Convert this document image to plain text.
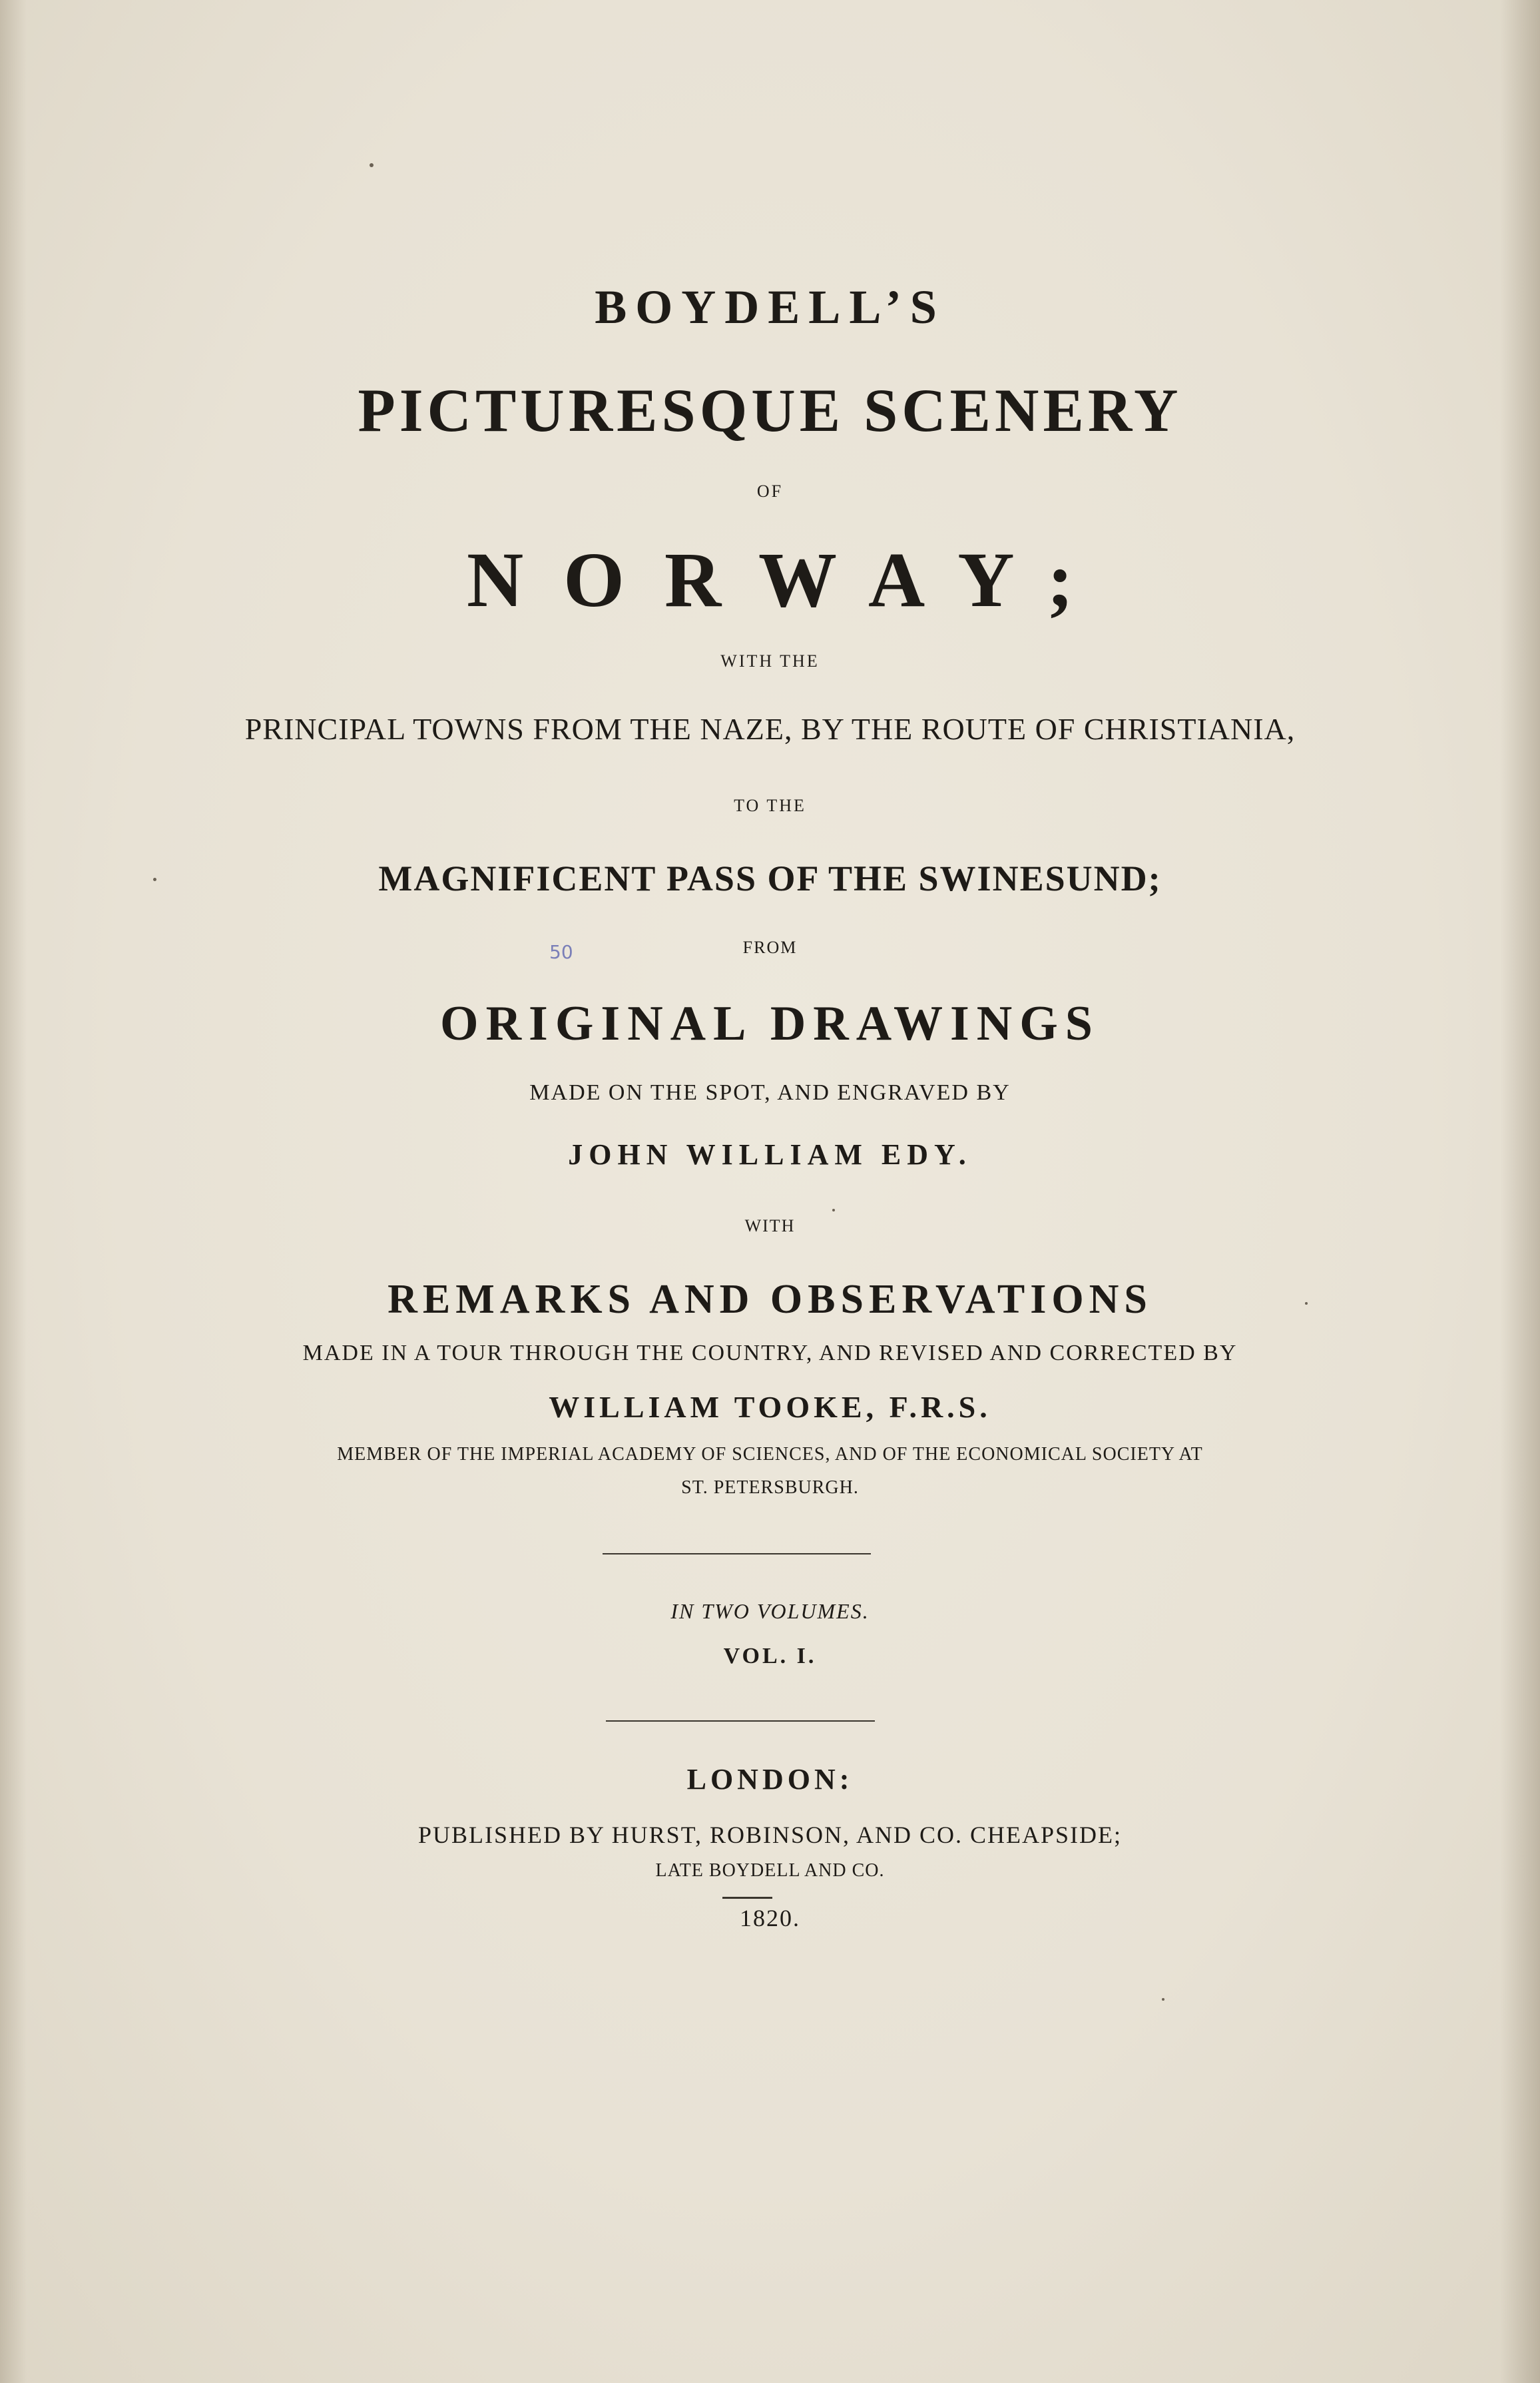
BOYDELL’S
PICTURESQUE SCENERY
OF
NORWAY;
WITH THE
PRINCIPAL TOWNS FROM THE NAZE, BY THE ROUTE OF CHRISTIANIA,
TO THE
MAGNIFICENT PASS OF THE SWINESUND;
50	FROM
ORIGINAL DRAWINGS
MADE ON THE SPOT, AND ENGRAVED BY
JOHN WILLIAM EDY.
WITH
REMARKS AND OBSERVATIONS
MADE IN A TOUR THROUGH THE COUNTRY, AND REVISED AND CORRECTED BY
WILLIAM TOOKE, F.R.S.
MEMBER OF THE IMPERIAL ACADEMY OF SCIENCES, AND OF THE ECONOMICAL SOCIETY AT
ST. PETERSBURGH.
IN TWO VOLUMES.
VOL. I.
LONDON:
PUBLISHED BY HURST, ROBINSON, AND CO. CHEAPSIDE;
LATE BOYDELL AND CO.
1820.
